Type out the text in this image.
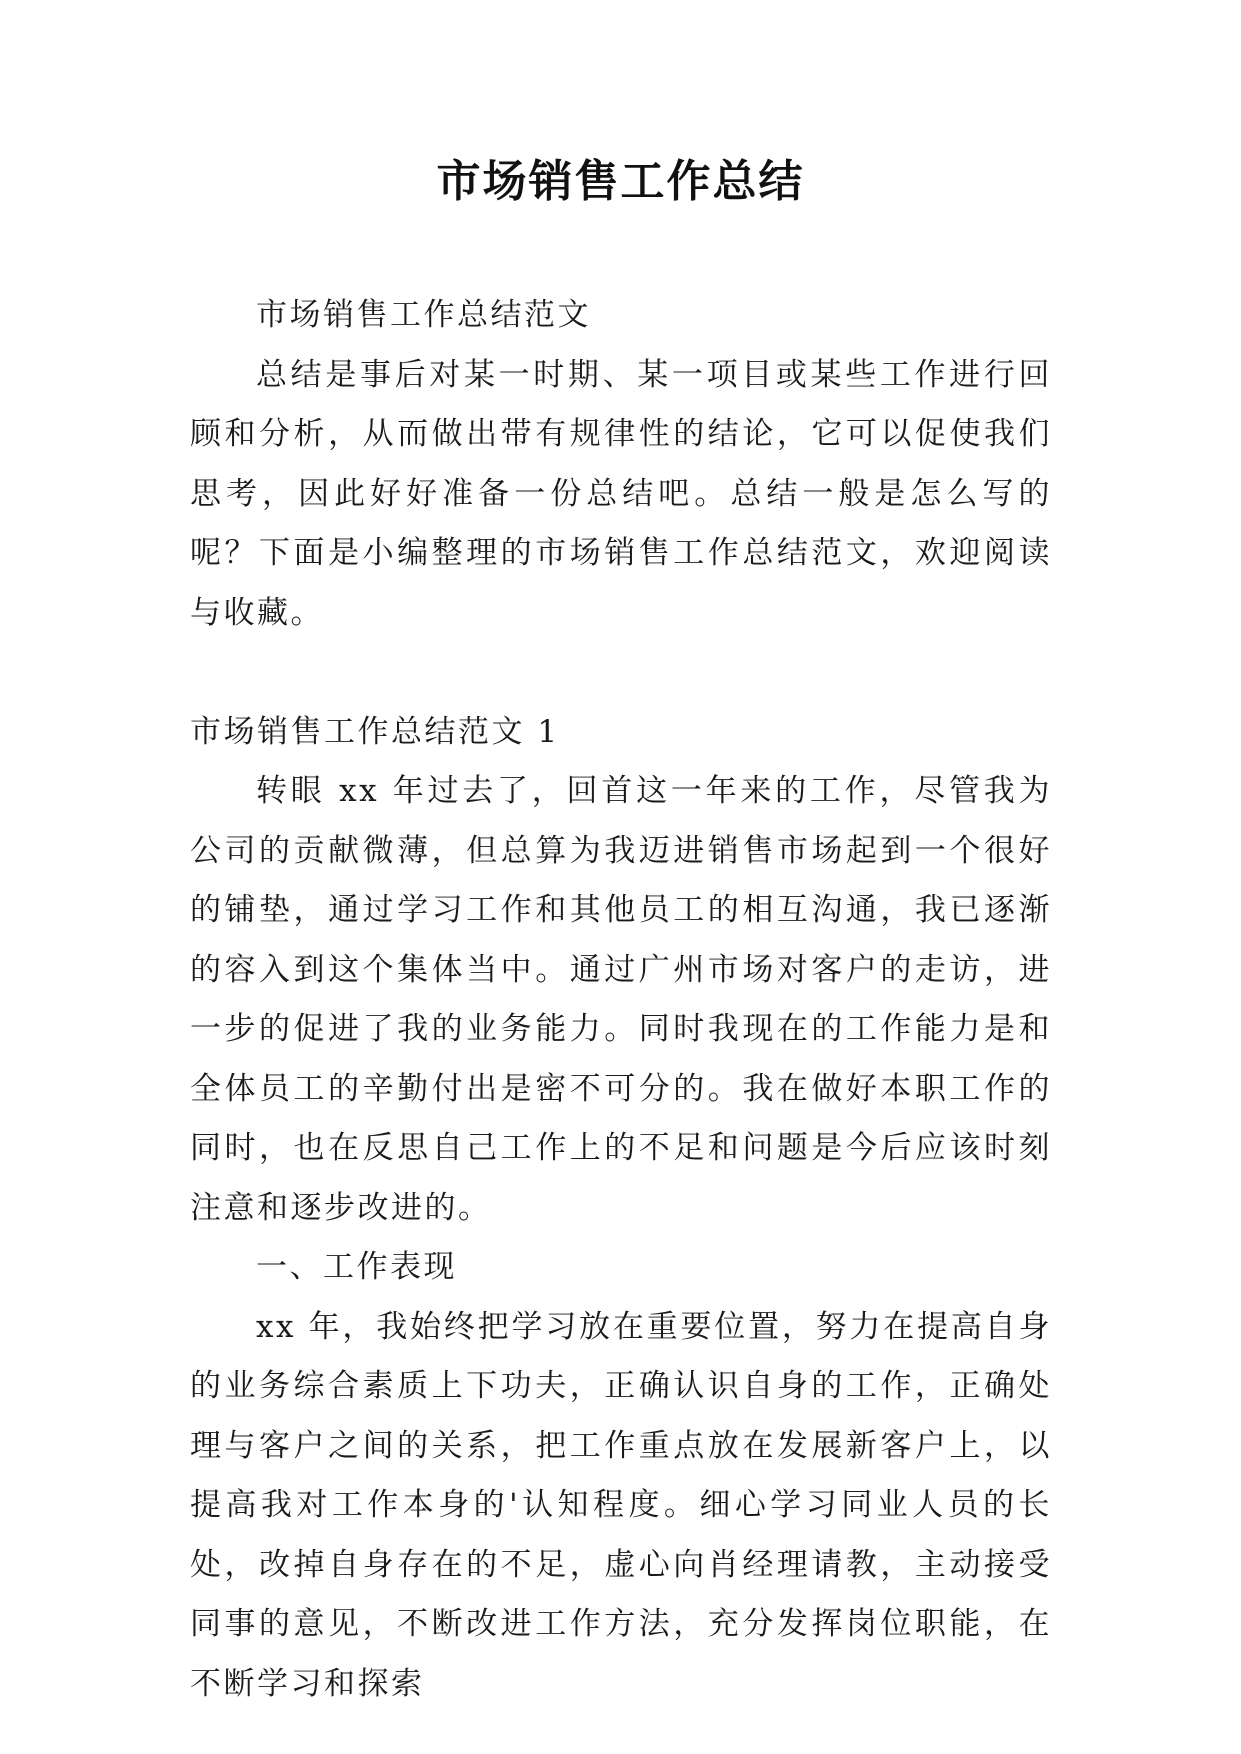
市场销售工作总结

市场销售工作总结范文

总结是事后对某一时期、某一项目或某些工作进行回顾和分析，从而做出带有规律性的结论，它可以促使我们思考，因此好好准备一份总结吧。总结一般是怎么写的呢？下面是小编整理的市场销售工作总结范文，欢迎阅读与收藏。

市场销售工作总结范文 1

转眼 xx 年过去了，回首这一年来的工作，尽管我为公司的贡献微薄，但总算为我迈进销售市场起到一个很好的铺垫，通过学习工作和其他员工的相互沟通，我已逐渐的容入到这个集体当中。通过广州市场对客户的走访，进一步的促进了我的业务能力。同时我现在的工作能力是和全体员工的辛勤付出是密不可分的。我在做好本职工作的同时，也在反思自己工作上的不足和问题是今后应该时刻注意和逐步改进的。

一、工作表现

xx 年，我始终把学习放在重要位置，努力在提高自身的业务综合素质上下功夫，正确认识自身的工作，正确处理与客户之间的关系，把工作重点放在发展新客户上，以提高我对工作本身的'认知程度。细心学习同业人员的长处，改掉自身存在的不足，虚心向肖经理请教，主动接受同事的意见，不断改进工作方法，充分发挥岗位职能，在不断学习和探索
